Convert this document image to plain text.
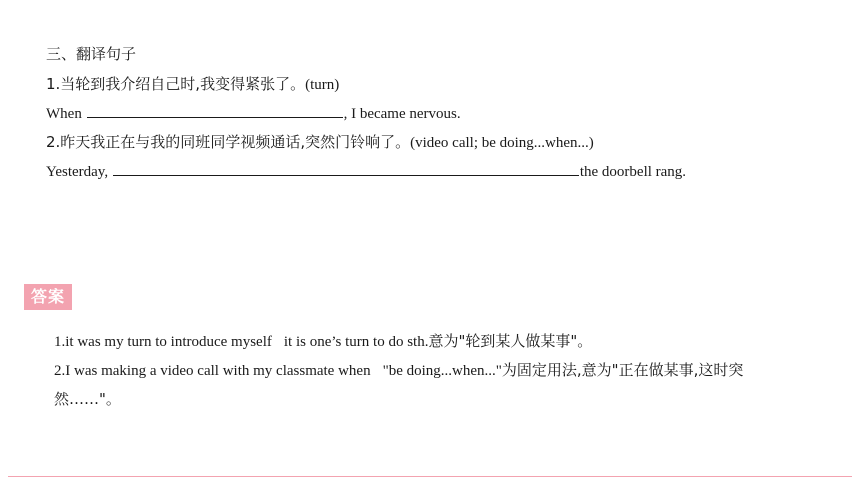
三、翻译句子
1.当轮到我介绍自己时,我变得紧张了。(turn)
When	, I became nervous.
2.昨天我正在与我的同班同学视频通话,突然门铃响了。(video call; be doing...when...)
Yesterday,	the doorbell rang.
答案
1.it was my turn to introduce myself it is one’s turn to do sth.意为"轮到某人做某事"。
2.I was making a video call with my classmate when "be doing...when..."为固定用法,意为"正在做某事,这时突
然……"。
